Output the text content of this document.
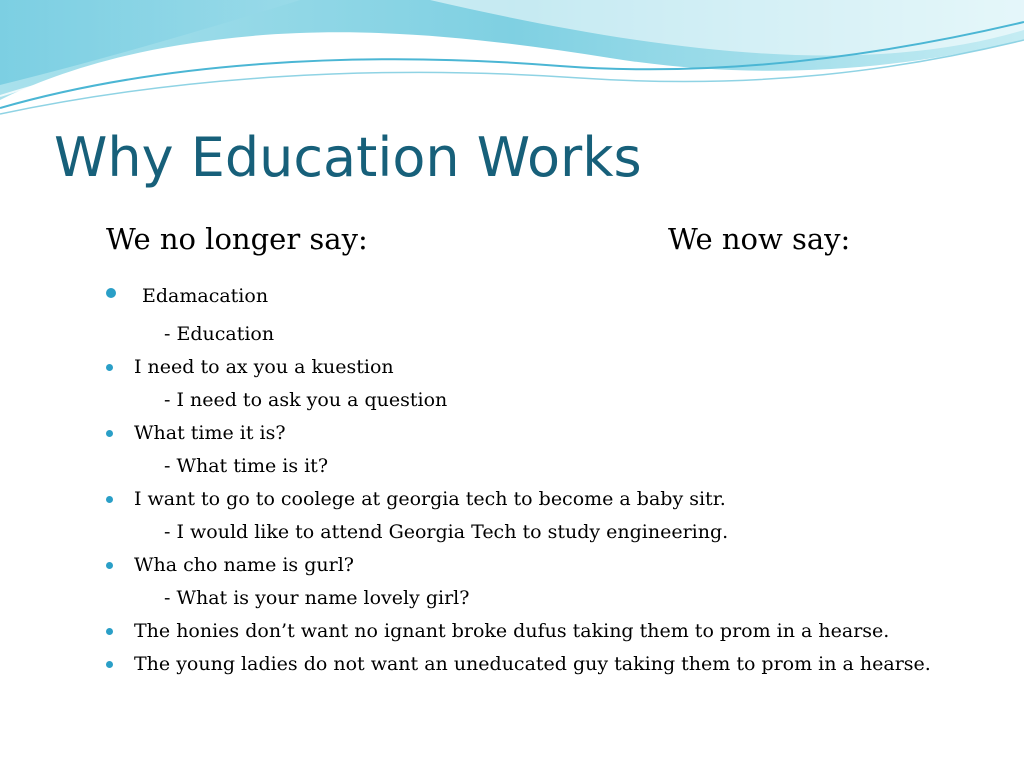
Why Education Works
We no longer say:	We now say:
Edamacation
- Education
I need to ax you a kuestion
- I need to ask you a question
What time it is?
- What time is it?
I want to go to coolege at georgia tech to become a baby sitr.
- I would like to attend Georgia Tech to study engineering.
Wha cho name is gurl?
- What is your name lovely girl?
The honies don’t want no ignant broke dufus taking them to prom in a hearse.
The young ladies do not want an uneducated guy taking them to prom in a hearse.
